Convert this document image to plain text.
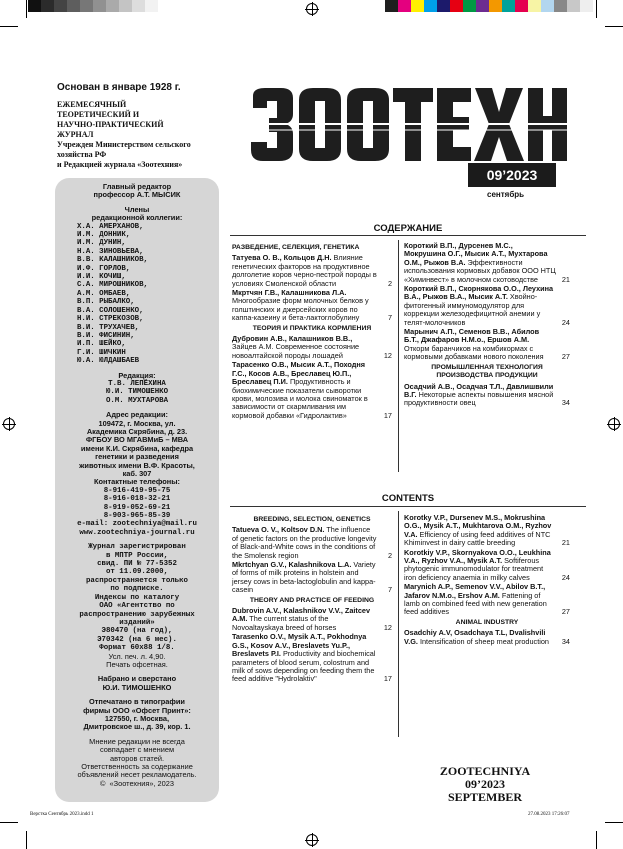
Основан в январе 1928 г.
ЕЖЕМЕСЯЧНЫЙ
ТЕОРЕТИЧЕСКИЙ И
НАУЧНО-ПРАКТИЧЕСКИЙ
ЖУРНАЛ
Учрежден Министерством сельского
хозяйства РФ
и Редакцией журнала «Зоотехния»
09’2023
сентябрь
Главный редактор
профессор А.Т. МЫСИК
Члены
редакционной коллегии:
Х.А. АМЕРХАНОВ,
И.М. ДОННИК,
И.М. ДУНИН,
Н.А. ЗИНОВЬЕВА,
В.В. КАЛАШНИКОВ,
И.Ф. ГОРЛОВ,
И.И. КОЧИШ,
С.А. МИРОШНИКОВ,
А.М. ОМБАЕВ,
В.П. РЫБАЛКО,
В.А. СОЛОШЕНКО,
Н.И. СТРЕКОЗОВ,
В.И. ТРУХАЧЕВ,
В.И. ФИСИНИН,
И.П. ШЕЙКО,
Г.И. ШИЧКИН
Ю.А. ЮЛДАШБАЕВ
Редакция:
Т.В. ЛЕПЁХИНА
Ю.И. ТИМОШЕНКО
О.М. МУХТАРОВА
Адрес редакции:
109472, г. Москва, ул.
Академика Скрябина, д. 23.
ФГБОУ ВО МГАВМиБ – МВА
имени К.И. Скрябина, кафедра
генетики и разведения
животных имени В.Ф. Красоты,
каб. 307
Контактные телефоны:
8-916-419-95-75
8-916-018-32-21
8-919-052-69-21
8-903-965-85-39
e-mail: zootechniya@mail.ru
www.zootechniya-journal.ru
Журнал зарегистрирован
в МПТР России,
свид. ПИ № 77-5352
от 11.09.2000,
распространяется только
по подписке.
Индексы по каталогу
ОАО «Агентство по
распространению зарубежных
изданий»
Э80470 (на год),
Э70342 (на 6 мес).
Формат 60х88 1/8.
Усл. печ. л. 4,90.
Печать офсетная.
Набрано и сверстано
Ю.И. ТИМОШЕНКО
Отпечатано в типографии
фирмы ООО «Офсет Принт»:
127550, г. Москва,
Дмитровское ш., д. 39, кор. 1.
Мнение редакции не всегда
совпадает с мнением
авторов статей.
Ответственность за содержание
объявлений несет рекламодатель.
©  «Зоотехния», 2023
СОДЕРЖАНИЕ
РАЗВЕДЕНИЕ, СЕЛЕКЦИЯ, ГЕНЕТИКА
Татуева О. В., Кольцов Д.Н. Влияние генетических факторов на продуктивное долголетие коров черно-пестрой породы в условиях Смоленской области	2
Мкртчян Г.В., Калашникова Л.А. Многообразие форм молочных белков у голштинских и джерсейских коров по каппа-казеину и бета-лактоглобулину	7
ТЕОРИЯ И ПРАКТИКА КОРМЛЕНИЯ
Дубровин А.В., Калашников В.В., Зайцев А.М. Современное состояние новоалтайской породы лошадей	12
Тарасенко О.В., Мысик А.Т., Походня Г.С., Косов А.В., Бреславец Ю.П., Бреславец П.И. Продуктивность и биохимические показатели сыворотки крови, молозива и молока свиноматок в зависимости от скармливания им кормовой добавки «Гидролактив»	17
Короткий В.П., Дурсенев М.С., Мокрушина О.Г., Мысик А.Т., Мухтарова О.М., Рыжов В.А. Эффективности использования кормовых добавок ООО НТЦ «Химинвест» в молочном скотоводстве	21
Короткий В.П., Скорнякова О.О., Леухина В.А., Рыжов В.А., Мысик А.Т. Хвойно-фитогенный иммуномодулятор для коррекции железодефицитной анемии у телят-молочников	24
Марынич А.П., Семенов В.В., Абилов Б.Т., Джафаров Н.М.о., Ершов А.М. Откорм баранчиков на комбикормах с кормовыми добавками нового поколения	27
ПРОМЫШЛЕННАЯ ТЕХНОЛОГИЯ ПРОИЗВОДСТВА ПРОДУКЦИИ
Осадчий А.В., Осадчая Т.Л., Давлишвили В.Г. Некоторые аспекты повышения мясной продуктивности овец	34
CONTENTS
BREEDING, SELECTION, GENETICS
Tatueva O. V., Koltsov D.N. The influence of genetic factors on the productive longevity of Black-and-White cows in the conditions of the Smolensk region	2
Mkrtchyan G.V., Kalashnikova L.A. Variety of forms of milk proteins in holstein and jersey cows in beta-lactoglobulin and kappa-casein	7
THEORY AND PRACTICE OF FEEDING
Dubrovin A.V., Kalashnikov V.V., Zaitcev A.M. The current status of the Novoaltayskaya breed of horses	12
Tarasenko O.V., Mysik A.T., Pokhodnya G.S., Kosov A.V., Breslavets Yu.P., Breslavets P.I. Productivity and biochemical parameters of blood serum, colostrum and milk of sows depending on feeding them the feed additive "Hydrolaktiv"	17
Korotky V.P., Dursenev M.S., Mokrushina O.G., Mysik A.T., Mukhtarova O.M., Ryzhov V.A. Efficiency of using feed additives of NTC Khiminvest in dairy cattle breeding	21
Korotkiy V.P., Skornyakova O.O., Leukhina V.A., Ryzhov V.A., Mysik A.T. Softiferous phytogenic immunomodulator for treatment iron deficiency anaemia in milky calves	24
Marynich A.P., Semenov V.V., Abilov B.T., Jafarov N.M.o., Ershov A.M. Fattening of lamb on combined feed with new generation feed additives	27
ANIMAL INDUSTRY
Osadchiy A.V, Osadchaya T.L, Dvalishvili V.G. Intensification of sheep meat production 34
ZOOTECHNIYA
09’2023
SEPTEMBER
Верстка Сентябрь 2023.indd 1	27.08.2023 17:26:07
